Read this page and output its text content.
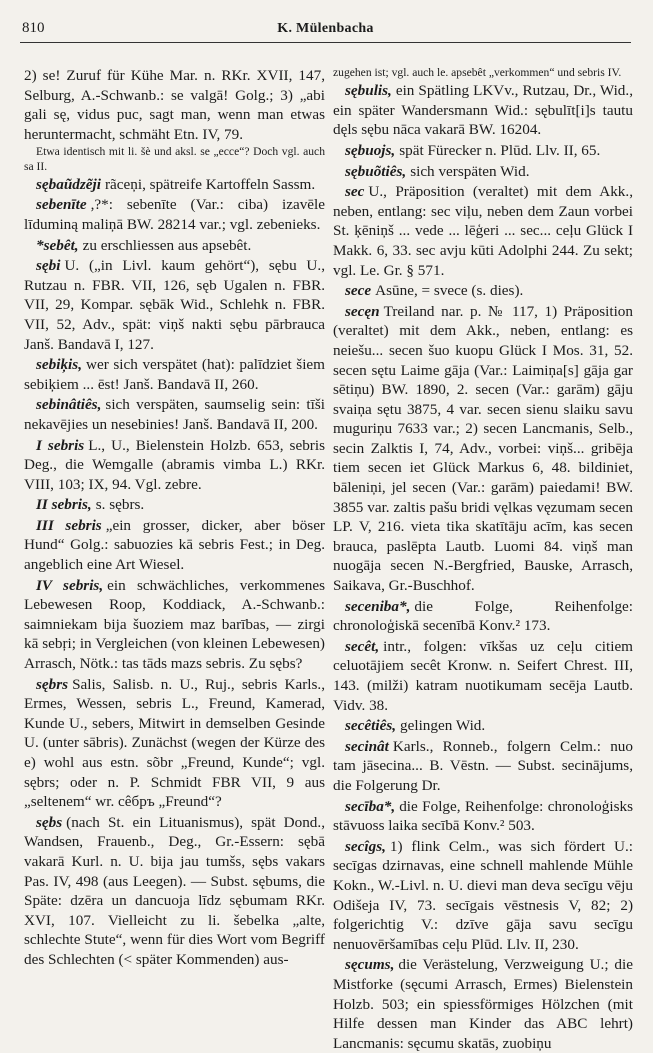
810	K. Mülenbacha

2) se! Zuruf für Kühe Mar. n. RKr. XVII, 147, Selburg, A.-Schwanb.: se valgā! Golg.; 3) „abi gali sę, vidus puc, sagt man, wenn man etwas heruntermacht, schmäht Etn. IV, 79.

Etwa identisch mit li. šè und aksl. se „ecce“? Doch vgl. auch sa II.

sębaũdzẽji rãceņi, spätreife Kartoffeln Sassm.

sebenīte ,?*: sebenīte (Var.: ciba) izavēle līduminą maliņā BW. 28214 var.; vgl. zebenieks.

*sebêt, zu erschliessen aus apsebêt.

sębi U. („in Livl. kaum gehört“), sębu U., Rutzau n. FBR. VII, 126, sęb Ugalen n. FBR. VII, 29, Kompar. sębāk Wid., Schlehk n. FBR. VII, 52, Adv., spät: viņš nakti sębu pārbrauca Janš. Bandavā I, 127.

sebiķis, wer sich verspätet (hat): palīdziet šiem sebiķiem ... ēst! Janš. Bandavā II, 260.

sebinâtiês, sich verspäten, saumselig sein: tīši nekavējies un nesebinies! Janš. Bandavā II, 200.

I sebris L., U., Bielenstein Holzb. 653, sebris Deg., die Wemgalle (abramis vimba L.) RKr. VIII, 103; IX, 94. Vgl. zebre.

II sebris, s. sębrs.

III sebris „ein grosser, dicker, aber böser Hund“ Golg.: sabuozies kā sebris Fest.; in Deg. angeblich eine Art Wiesel.

IV sebris, ein schwächliches, verkommenes Lebewesen Roop, Koddiack, A.-Schwanb.: saimniekam bija šuoziem maz barības, — zirgi kā sebŗi; in Vergleichen (von kleinen Lebewesen) Arrasch, Nötk.: tas tāds mazs sebris. Zu sębs?

sębrs Salis, Salisb. n. U., Ruj., sebris Karls., Ermes, Wessen, sebris L., Freund, Kamerad, Kunde U., sebers, Mitwirt in demselben Gesinde U. (unter sābris). Zunächst (wegen der Kürze des e) wohl aus estn. sõbr „Freund, Kunde“; vgl. sębrs; oder n. P. Schmidt FBR VII, 9 aus „seltenem“ wr. cêбръ „Freund“?

sębs (nach St. ein Lituanismus), spät Dond., Wandsen, Frauenb., Deg., Gr.-Essern: sębā vakarā Kurl. n. U. bija jau tumšs, sębs vakars Pas. IV, 498 (aus Leegen). — Subst. sębums, die Späte: dzēra un dancuoja līdz sębumam RKr. XVI, 107. Vielleicht zu li. šebelka „alte, schlechte Stute“, wenn für dies Wort vom Begriff des Schlechten (< später Kommenden) aus-

zugehen ist; vgl. auch le. apsebêt „verkommen“ und sebris IV.

sębulis, ein Spätling LKVv., Rutzau, Dr., Wid., ein später Wandersmann Wid.: sębulīt[i]s tautu dęls sębu nāca vakarā BW. 16204.

sębuojs, spät Fürecker n. Plūd. Llv. II, 65.

sębuõtiês, sich verspäten Wid.

sec U., Präposition (veraltet) mit dem Akk., neben, entlang: sec viļu, neben dem Zaun vorbei St. ķēniņš ... vede ... lēģeri ... sec... ceļu Glück I Makk. 6, 33. sec avju kūti Adolphi 244. Zu sekt; vgl. Le. Gr. § 571.

sece Asūne, = svece (s. dies).

secęn Treiland nar. p. № 117, 1) Präposition (veraltet) mit dem Akk., neben, entlang: es neiešu... secen šuo kuopu Glück I Mos. 31, 52. secen sętu Laime gāja (Var.: Laimiņa[s] gāja gar sētiņu) BW. 1890, 2. secen (Var.: garām) gāju svaiņa sętu 3875, 4 var. secen sienu slaiku savu muguriņu 7633 var.; 2) secen Lancmanis, Selb., secin Zalktis I, 74, Adv., vorbei: viņš... gribēja tiem secen iet Glück Markus 6, 48. bildiniet, bāleniņi, jel secen (Var.: garām) paiedami! BW. 3855 var. zaltis pašu bridi vęlkas vęzumam secen LP. V, 216. vieta tika skatītāju acīm, kas secen brauca, paslēpta Lautb. Luomi 84. viņš man nuogāja secen N.-Bergfried, Bauske, Arrasch, Saikava, Gr.-Buschhof.

seceniba*, die Folge, Reihenfolge: chronoloģiskā secenībā Konv.² 173.

secêt, intr., folgen: vīkšas uz ceļu citiem celuotājiem secêt Kronw. n. Seifert Chrest. III, 143. (milži) katram nuotikumam secēja Lautb. Vidv. 38.

secêtiês, gelingen Wid.

secinât Karls., Ronneb., folgern Celm.: nuo tam jāsecina... B. Vēstn. — Subst. secinājums, die Folgerung Dr.

secība*, die Folge, Reihenfolge: chronoloģisks stāvuoss laika secībā Konv.² 503.

secîgs, 1) flink Celm., was sich fördert U.: secīgas dzirnavas, eine schnell mahlende Mühle Kokn., W.-Livl. n. U. dievi man deva secīgu vēju Odišeja IV, 73. secīgais vēstnesis V, 82; 2) folgerichtig V.: dzīve gāja savu secīgu nenuovēršamības ceļu Plūd. Llv. II, 230.

sęcums, die Verästelung, Verzweigung U.; die Mistforke (sęcumi Arrasch, Ermes) Bielenstein Holzb. 503; ein spiessförmiges Hölzchen (mit Hilfe dessen man Kinder das ABC lehrt) Lancmanis: sęcumu skatās, zuobiņu
